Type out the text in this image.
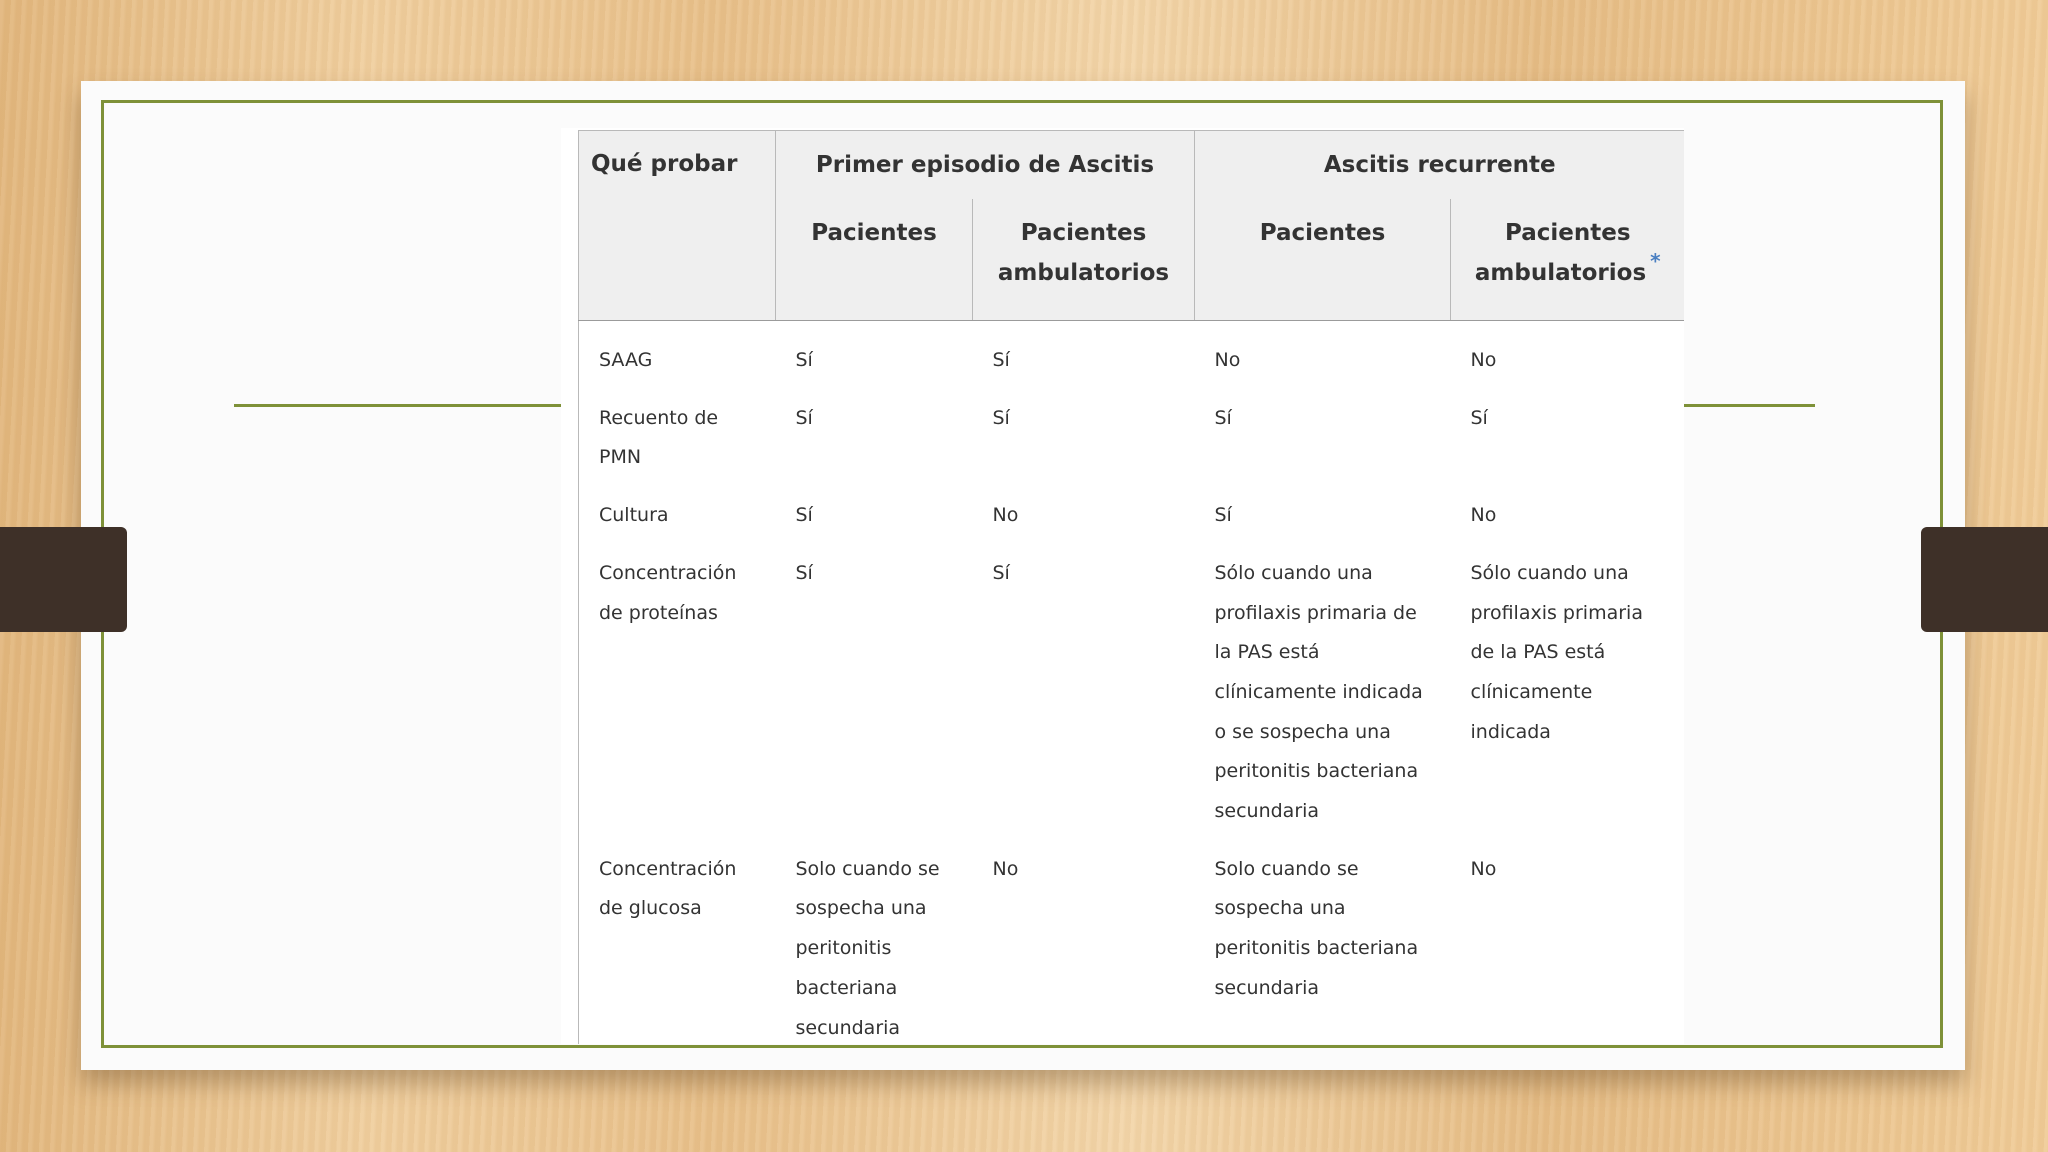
Qué probar	Primer episodio de Ascitis		Ascitis recurrente	
	Pacientes	Pacientes ambulatorios	Pacientes	Pacientes ambulatorios *
SAAG	Sí	Sí	No	No
Recuento de PMN	Sí	Sí	Sí	Sí
Cultura	Sí	No	Sí	No
Concentración de proteínas	Sí	Sí	Sólo cuando una profilaxis primaria de la PAS está clínicamente indicada o se sospecha una peritonitis bacteriana secundaria	Sólo cuando una profilaxis primaria de la PAS está clínicamente indicada
Concentración de glucosa	Solo cuando se sospecha una peritonitis bacteriana secundaria	No	Solo cuando se sospecha una peritonitis bacteriana secundaria	No
